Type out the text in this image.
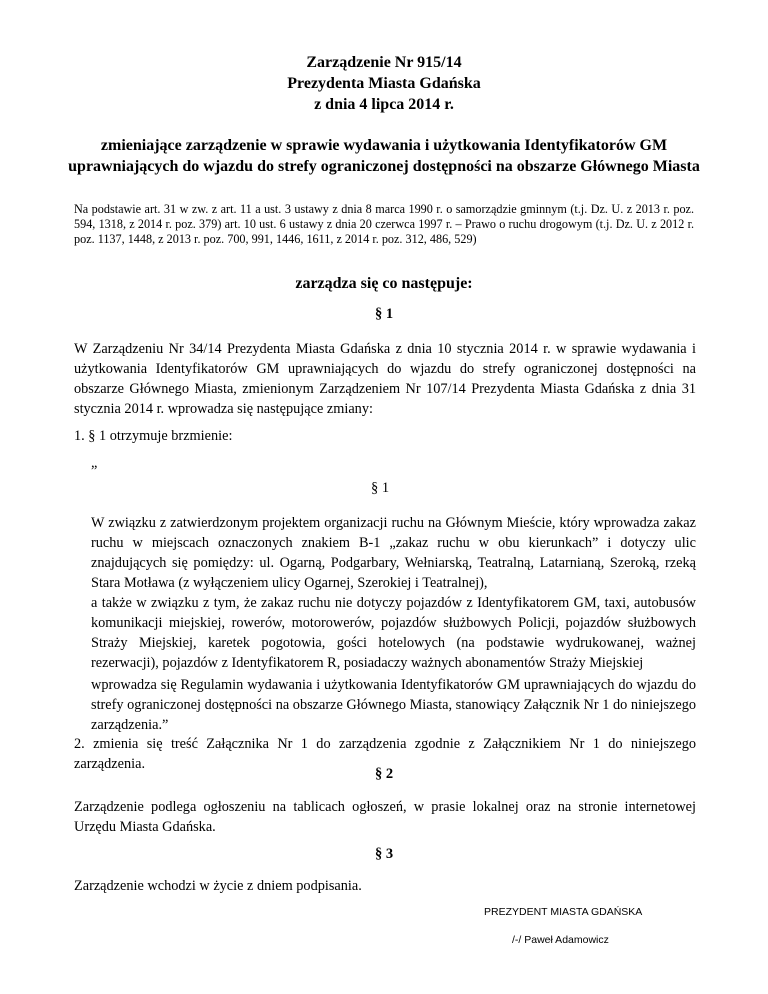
Zarządzenie Nr 915/14
Prezydenta Miasta Gdańska
z dnia 4 lipca 2014 r.
zmieniające zarządzenie w sprawie wydawania i użytkowania Identyfikatorów GM
uprawniających do wjazdu do strefy ograniczonej dostępności na obszarze Głównego Miasta
Na podstawie art. 31 w zw. z art. 11 a ust. 3 ustawy z dnia 8 marca 1990 r. o samorządzie gminnym (t.j. Dz. U. z 2013 r. poz. 594, 1318, z 2014 r. poz. 379) art. 10 ust. 6 ustawy z dnia 20 czerwca 1997 r. – Prawo o ruchu drogowym (t.j. Dz. U. z 2012 r. poz. 1137, 1448, z 2013 r. poz. 700, 991, 1446, 1611, z 2014 r. poz. 312, 486, 529)
zarządza się co następuje:
§ 1
W Zarządzeniu Nr 34/14 Prezydenta Miasta Gdańska z dnia 10 stycznia 2014 r. w sprawie wydawania i użytkowania Identyfikatorów GM uprawniających do wjazdu do strefy ograniczonej dostępności na obszarze Głównego Miasta, zmienionym Zarządzeniem Nr 107/14 Prezydenta Miasta Gdańska z dnia 31 stycznia 2014 r. wprowadza się następujące zmiany:
1. § 1 otrzymuje brzmienie:
„
§ 1
W związku z zatwierdzonym projektem organizacji ruchu na Głównym Mieście, który wprowadza zakaz ruchu w miejscach oznaczonych znakiem B-1 „zakaz ruchu w obu kierunkach” i dotyczy ulic znajdujących się pomiędzy: ul. Ogarną, Podgarbary, Wełniarską, Teatralną, Latarnianą, Szeroką, rzeką Stara Motława (z wyłączeniem ulicy Ogarnej, Szerokiej i Teatralnej),
a także w związku z tym, że zakaz ruchu nie dotyczy pojazdów z Identyfikatorem GM, taxi, autobusów komunikacji miejskiej, rowerów, motorowerów, pojazdów służbowych Policji, pojazdów służbowych Straży Miejskiej, karetek pogotowia, gości hotelowych (na podstawie wydrukowanej, ważnej rezerwacji), pojazdów z Identyfikatorem R, posiadaczy ważnych abonamentów Straży Miejskiej
wprowadza się Regulamin wydawania i użytkowania Identyfikatorów GM uprawniających do wjazdu do strefy ograniczonej dostępności na obszarze Głównego Miasta, stanowiący Załącznik Nr 1 do niniejszego zarządzenia.”
2. zmienia się treść Załącznika Nr 1 do zarządzenia zgodnie z Załącznikiem Nr 1 do niniejszego zarządzenia.
§ 2
Zarządzenie podlega ogłoszeniu na tablicach ogłoszeń, w prasie lokalnej oraz na stronie internetowej Urzędu Miasta Gdańska.
§ 3
Zarządzenie wchodzi w życie z dniem podpisania.
PREZYDENT MIASTA GDAŃSKA
/-/ Paweł Adamowicz
